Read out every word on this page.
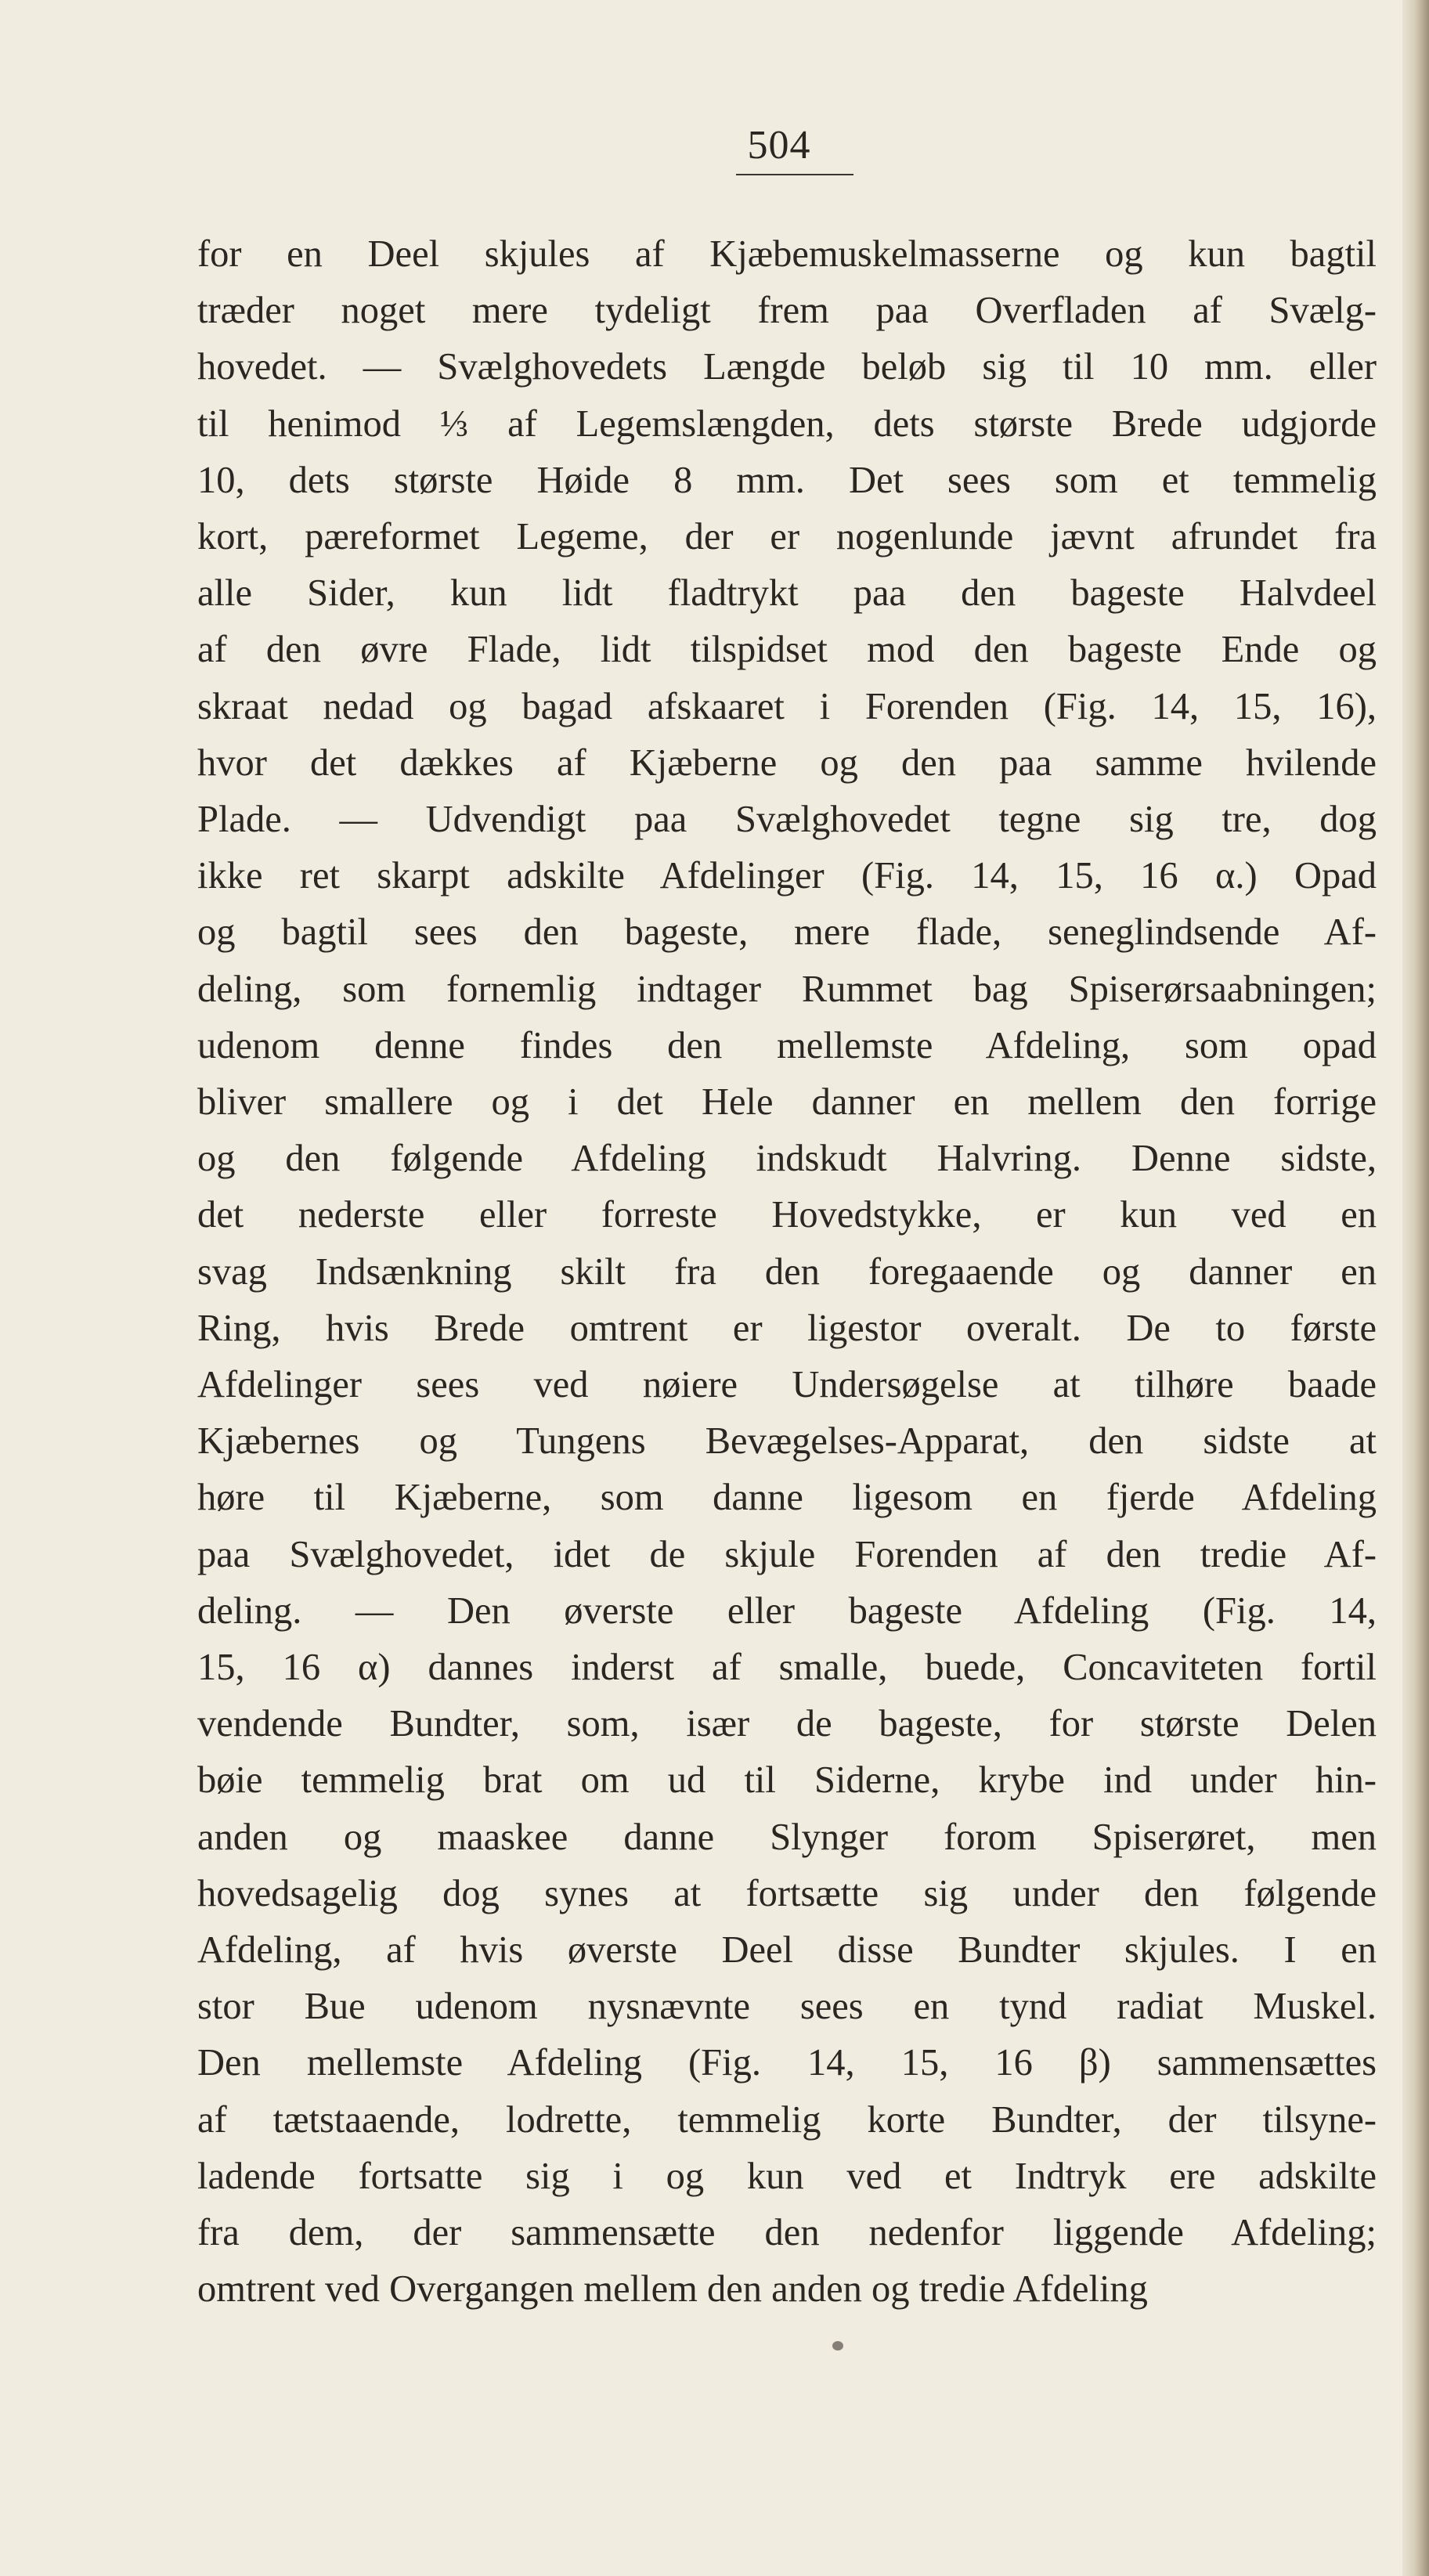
504
for en Deel skjules af Kjæbemuskelmasserne og kun bagtil
træder noget mere tydeligt frem paa Overfladen af Svælg-
hovedet. — Svælghovedets Længde beløb sig til 10 mm. eller
til henimod ⅓ af Legemslængden, dets største Brede udgjorde
10, dets største Høide 8 mm. Det sees som et temmelig
kort, pæreformet Legeme, der er nogenlunde jævnt afrundet fra
alle Sider, kun lidt fladtrykt paa den bageste Halvdeel
af den øvre Flade, lidt tilspidset mod den bageste Ende og
skraat nedad og bagad afskaaret i Forenden (Fig. 14, 15, 16),
hvor det dækkes af Kjæberne og den paa samme hvilende
Plade. — Udvendigt paa Svælghovedet tegne sig tre, dog
ikke ret skarpt adskilte Afdelinger (Fig. 14, 15, 16 α.) Opad
og bagtil sees den bageste, mere flade, seneglindsende Af-
deling, som fornemlig indtager Rummet bag Spiserørsaabningen;
udenom denne findes den mellemste Afdeling, som opad
bliver smallere og i det Hele danner en mellem den forrige
og den følgende Afdeling indskudt Halvring. Denne sidste,
det nederste eller forreste Hovedstykke, er kun ved en
svag Indsænkning skilt fra den foregaaende og danner en
Ring, hvis Brede omtrent er ligestor overalt. De to første
Afdelinger sees ved nøiere Undersøgelse at tilhøre baade
Kjæbernes og Tungens Bevægelses-Apparat, den sidste at
høre til Kjæberne, som danne ligesom en fjerde Afdeling
paa Svælghovedet, idet de skjule Forenden af den tredie Af-
deling. — Den øverste eller bageste Afdeling (Fig. 14,
15, 16 α) dannes inderst af smalle, buede, Concaviteten fortil
vendende Bundter, som, især de bageste, for største Delen
bøie temmelig brat om ud til Siderne, krybe ind under hin-
anden og maaskee danne Slynger forom Spiserøret, men
hovedsagelig dog synes at fortsætte sig under den følgende
Afdeling, af hvis øverste Deel disse Bundter skjules. I en
stor Bue udenom nysnævnte sees en tynd radiat Muskel.
Den mellemste Afdeling (Fig. 14, 15, 16 β) sammensættes
af tætstaaende, lodrette, temmelig korte Bundter, der tilsyne-
ladende fortsatte sig i og kun ved et Indtryk ere adskilte
fra dem, der sammensætte den nedenfor liggende Afdeling;
omtrent ved Overgangen mellem den anden og tredie Afdeling
